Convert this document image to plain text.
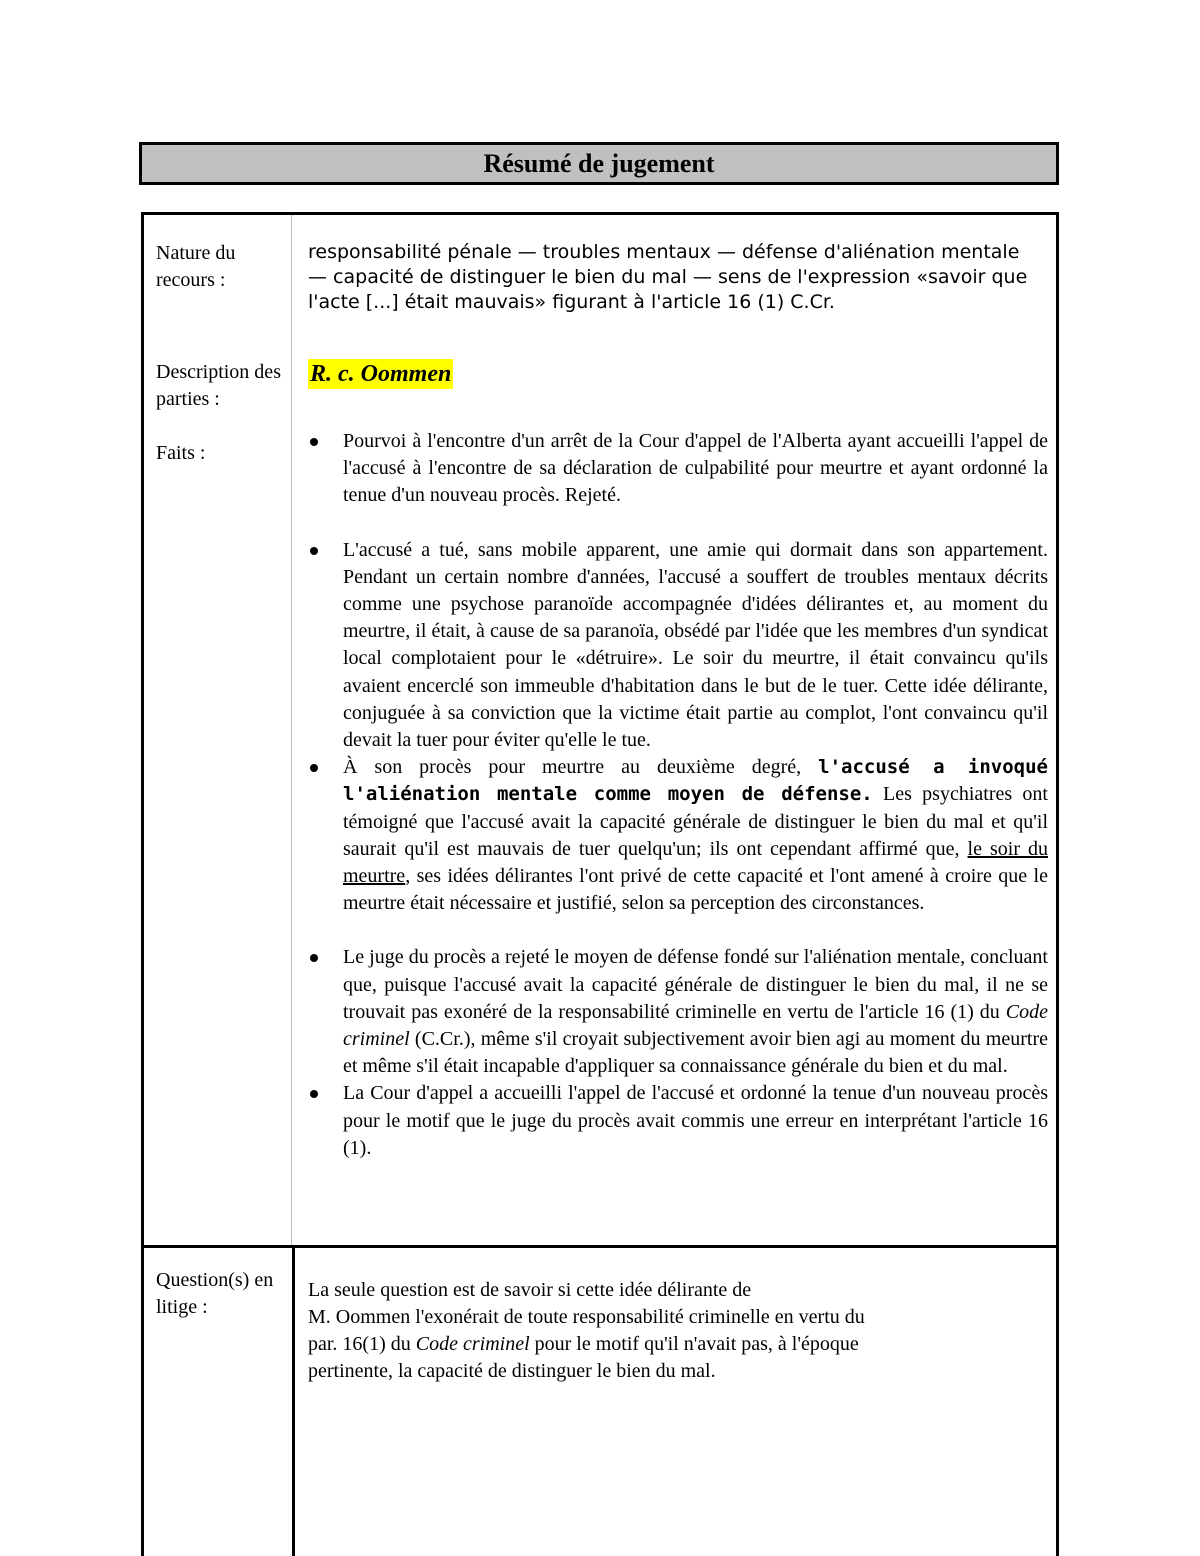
Résumé de jugement
Nature du recours :
responsabilité pénale — troubles mentaux — défense d'aliénation mentale — capacité de distinguer le bien du mal — sens de l'expression «savoir que l'acte [...] était mauvais» figurant à l'article 16 (1) C.Cr.
Description des parties :
R. c. Oommen
Faits :
Pourvoi à l'encontre d'un arrêt de la Cour d'appel de l'Alberta ayant accueilli l'appel de l'accusé à l'encontre de sa déclaration de culpabilité pour meurtre et ayant ordonné la tenue d'un nouveau procès. Rejeté.
L'accusé a tué, sans mobile apparent, une amie qui dormait dans son appartement. Pendant un certain nombre d'années, l'accusé a souffert de troubles mentaux décrits comme une psychose paranoïde accompagnée d'idées délirantes et, au moment du meurtre, il était, à cause de sa paranoïa, obsédé par l'idée que les membres d'un syndicat local complotaient pour le «détruire». Le soir du meurtre, il était convaincu qu'ils avaient encerclé son immeuble d'habitation dans le but de le tuer. Cette idée délirante, conjuguée à sa conviction que la victime était partie au complot, l'ont convaincu qu'il devait la tuer pour éviter qu'elle le tue.
À son procès pour meurtre au deuxième degré, l'accusé a invoqué l'aliénation mentale comme moyen de défense. Les psychiatres ont témoigné que l'accusé avait la capacité générale de distinguer le bien du mal et qu'il saurait qu'il est mauvais de tuer quelqu'un; ils ont cependant affirmé que, le soir du meurtre, ses idées délirantes l'ont privé de cette capacité et l'ont amené à croire que le meurtre était nécessaire et justifié, selon sa perception des circonstances.
Le juge du procès a rejeté le moyen de défense fondé sur l'aliénation mentale, concluant que, puisque l'accusé avait la capacité générale de distinguer le bien du mal, il ne se trouvait pas exonéré de la responsabilité criminelle en vertu de l'article 16 (1) du Code criminel (C.Cr.), même s'il croyait subjectivement avoir bien agi au moment du meurtre et même s'il était incapable d'appliquer sa connaissance générale du bien et du mal.
La Cour d'appel a accueilli l'appel de l'accusé et ordonné la tenue d'un nouveau procès pour le motif que le juge du procès avait commis une erreur en interprétant l'article 16 (1).
Question(s) en litige :
La seule question est de savoir si cette idée délirante de
M. Oommen l'exonérait de toute responsabilité criminelle en vertu du
par. 16(1) du Code criminel pour le motif qu'il n'avait pas, à l'époque
pertinente, la capacité de distinguer le bien du mal.
